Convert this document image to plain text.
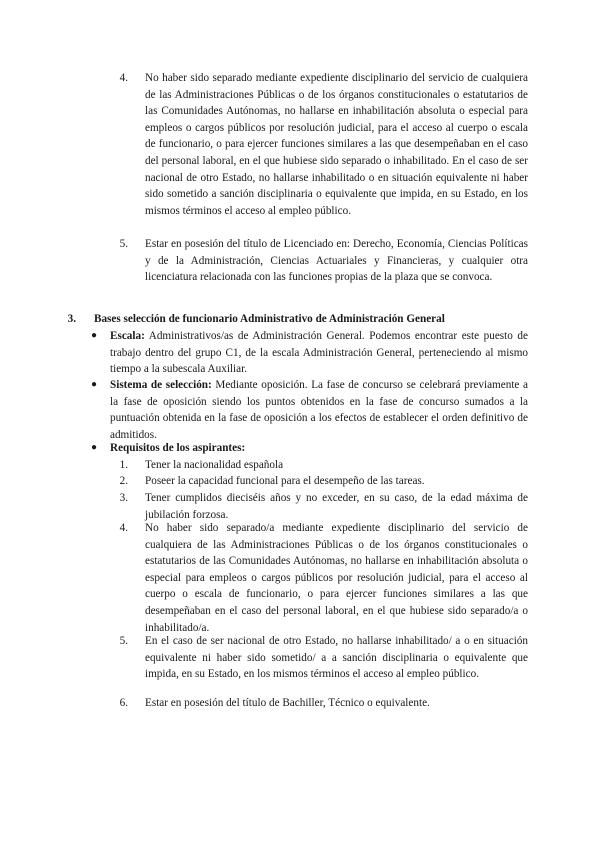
4. No haber sido separado mediante expediente disciplinario del servicio de cualquiera de las Administraciones Públicas o de los órganos constitucionales o estatutarios de las Comunidades Autónomas, no hallarse en inhabilitación absoluta o especial para empleos o cargos públicos por resolución judicial, para el acceso al cuerpo o escala de funcionario, o para ejercer funciones similares a las que desempeñaban en el caso del personal laboral, en el que hubiese sido separado o inhabilitado. En el caso de ser nacional de otro Estado, no hallarse inhabilitado o en situación equivalente ni haber sido sometido a sanción disciplinaria o equivalente que impida, en su Estado, en los mismos términos el acceso al empleo público.

5. Estar en posesión del título de Licenciado en: Derecho, Economía, Ciencias Políticas y de la Administración, Ciencias Actuariales y Financieras, y cualquier otra licenciatura relacionada con las funciones propias de la plaza que se convoca.

3. Bases selección de funcionario Administrativo de Administración General
● Escala: Administrativos/as de Administración General. Podemos encontrar este puesto de trabajo dentro del grupo C1, de la escala Administración General, perteneciendo al mismo tiempo a la subescala Auxiliar.

● Sistema de selección: Mediante oposición. La fase de concurso se celebrará previamente a la fase de oposición siendo los puntos obtenidos en la fase de concurso sumados a la puntuación obtenida en la fase de oposición a los efectos de establecer el orden definitivo de admitidos.

● Requisitos de los aspirantes:

1. Tener la nacionalidad española

2. Poseer la capacidad funcional para el desempeño de las tareas.

3. Tener cumplidos dieciséis años y no exceder, en su caso, de la edad máxima de jubilación forzosa.

4. No haber sido separado/a mediante expediente disciplinario del servicio de cualquiera de las Administraciones Públicas o de los órganos constitucionales o estatutarios de las Comunidades Autónomas, no hallarse en inhabilitación absoluta o especial para empleos o cargos públicos por resolución judicial, para el acceso al cuerpo o escala de funcionario, o para ejercer funciones similares a las que desempeñaban en el caso del personal laboral, en el que hubiese sido separado/a o inhabilitado/a.

5. En el caso de ser nacional de otro Estado, no hallarse inhabilitado/ a o en situación equivalente ni haber sido sometido/ a a sanción disciplinaria o equivalente que impida, en su Estado, en los mismos términos el acceso al empleo público.

6. Estar en posesión del título de Bachiller, Técnico o equivalente.
